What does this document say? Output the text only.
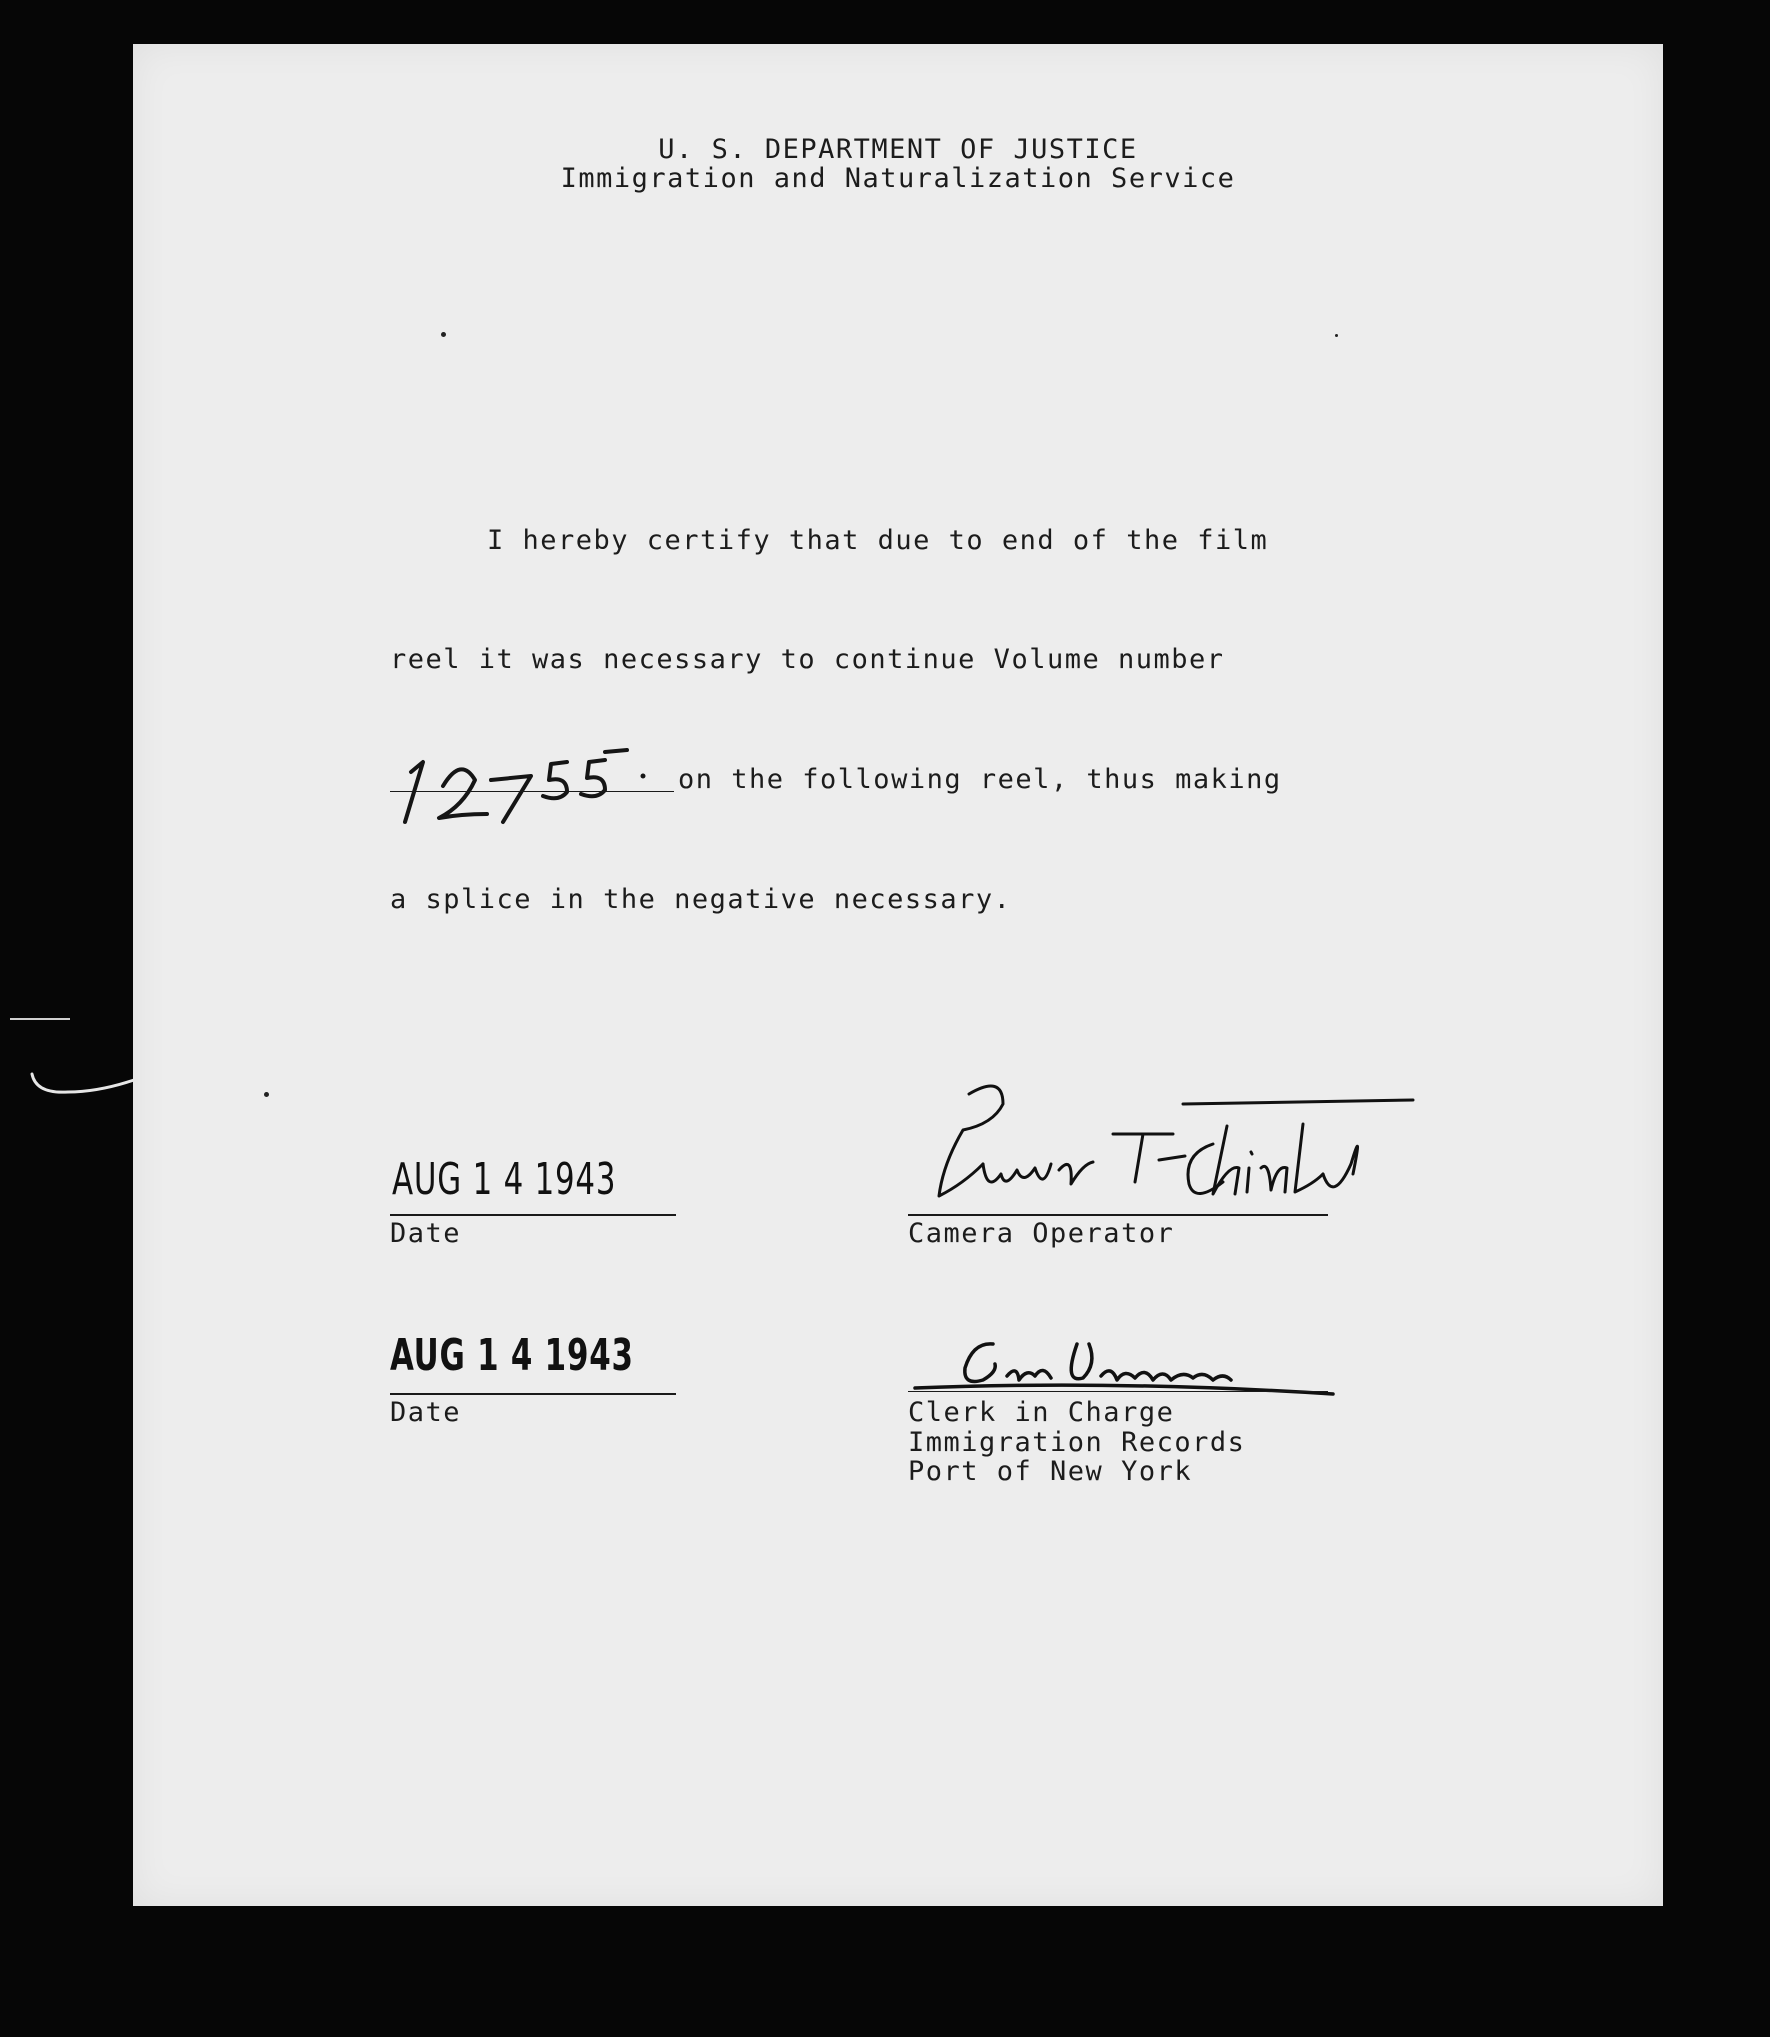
U. S. DEPARTMENT OF JUSTICE
Immigration and Naturalization Service
I hereby certify that due to end of the film
reel it was necessary to continue Volume number
on the following reel, thus making
a splice in the negative necessary.
AUG 1 4 1943
Date	Camera Operator
AUG 1 4 1943
Date	Clerk in Charge
Immigration Records
Port of New York
